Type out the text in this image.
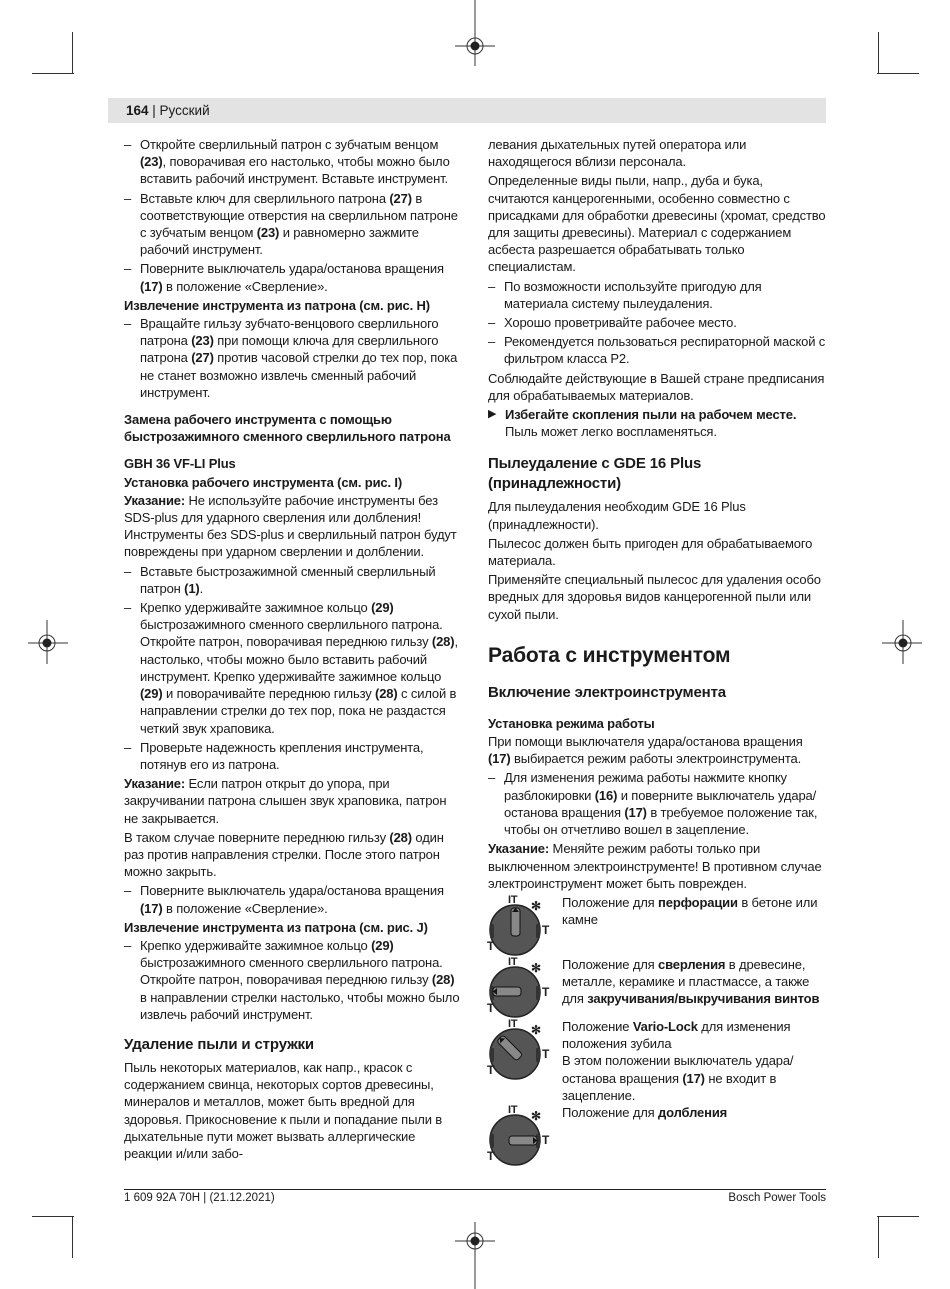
164 | Русский
– Откройте сверлильный патрон с зубчатым венцом (23), поворачивая его настолько, чтобы можно было вставить рабочий инструмент. Вставьте инструмент.
– Вставьте ключ для сверлильного патрона (27) в соответствующие отверстия на сверлильном патроне с зубчатым венцом (23) и равномерно зажмите рабочий инструмент.
– Поверните выключатель удара/останова вращения (17) в положение «Сверление».
Извлечение инструмента из патрона (см. рис. H)
– Вращайте гильзу зубчато-венцового сверлильного патрона (23) при помощи ключа для сверлильного патрона (27) против часовой стрелки до тех пор, пока не станет возможно извлечь сменный рабочий инструмент.
Замена рабочего инструмента с помощью быстрозажимного сменного сверлильного патрона
GBH 36 VF-LI Plus
Установка рабочего инструмента (см. рис. I)
Указание: Не используйте рабочие инструменты без SDS-plus для ударного сверления или долбления! Инструменты без SDS-plus и сверлильный патрон будут повреждены при ударном сверлении и долблении.
– Вставьте быстрозажимной сменный сверлильный патрон (1).
– Крепко удерживайте зажимное кольцо (29) быстрозажимного сменного сверлильного патрона. Откройте патрон, поворачивая переднюю гильзу (28), настолько, чтобы можно было вставить рабочий инструмент. Крепко удерживайте зажимное кольцо (29) и поворачивайте переднюю гильзу (28) с силой в направлении стрелки до тех пор, пока не раздастся четкий звук храповика.
– Проверьте надежность крепления инструмента, потянув его из патрона.
Указание: Если патрон открыт до упора, при закручивании патрона слышен звук храповика, патрон не закрывается.
В таком случае поверните переднюю гильзу (28) один раз против направления стрелки. После этого патрон можно закрыть.
– Поверните выключатель удара/останова вращения (17) в положение «Сверление».
Извлечение инструмента из патрона (см. рис. J)
– Крепко удерживайте зажимное кольцо (29) быстрозажимного сменного сверлильного патрона. Откройте патрон, поворачивая переднюю гильзу (28) в направлении стрелки настолько, чтобы можно было извлечь рабочий инструмент.
Удаление пыли и стружки
Пыль некоторых материалов, как напр., красок с содержанием свинца, некоторых сортов древесины, минералов и металлов, может быть вредной для здоровья. Прикосновение к пыли и попадание пыли в дыхательные пути может вызвать аллергические реакции и/или забо-
левания дыхательных путей оператора или находящегося вблизи персонала.
Определенные виды пыли, напр., дуба и бука, считаются канцерогенными, особенно совместно с присадками для обработки древесины (хромат, средство для защиты древесины). Материал с содержанием асбеста разрешается обрабатывать только специалистам.
– По возможности используйте пригодую для материала систему пылеудаления.
– Хорошо проветривайте рабочее место.
– Рекомендуется пользоваться респираторной маской с фильтром класса P2.
Соблюдайте действующие в Вашей стране предписания для обрабатываемых материалов.
▶ Избегайте скопления пыли на рабочем месте. Пыль может легко воспламеняться.
Пылеудаление с GDE 16 Plus (принадлежности)
Для пылеудаления необходим GDE 16 Plus (принадлежности).
Пылесос должен быть пригоден для обрабатываемого материала.
Применяйте специальный пылесос для удаления особо вредных для здоровья видов канцерогенной пыли или сухой пыли.
Работа с инструментом
Включение электроинструмента
Установка режима работы
При помощи выключателя удара/останова вращения (17) выбирается режим работы электроинструмента.
– Для изменения режима работы нажмите кнопку разблокировки (16) и поверните выключатель удара/останова вращения (17) в требуемое положение так, чтобы он отчетливо вошел в зацепление.
Указание: Меняйте режим работы только при выключенном электроинструменте! В противном случае электроинструмент может быть поврежден.
IT ✻
T
T
Положение для перфорации в бетоне или камне
IT ✻
T
T
Положение для сверления в древесине, металле, керамике и пластмассе, а также для закручивания/выкручивания винтов
IT ✻
T
T
Положение Vario-Lock для изменения положения зубила
В этом положении выключатель удара/останова вращения (17) не входит в зацепление.
IT ✻
T
T
Положение для долбления
1 609 92A 70H | (21.12.2021)	Bosch Power Tools
